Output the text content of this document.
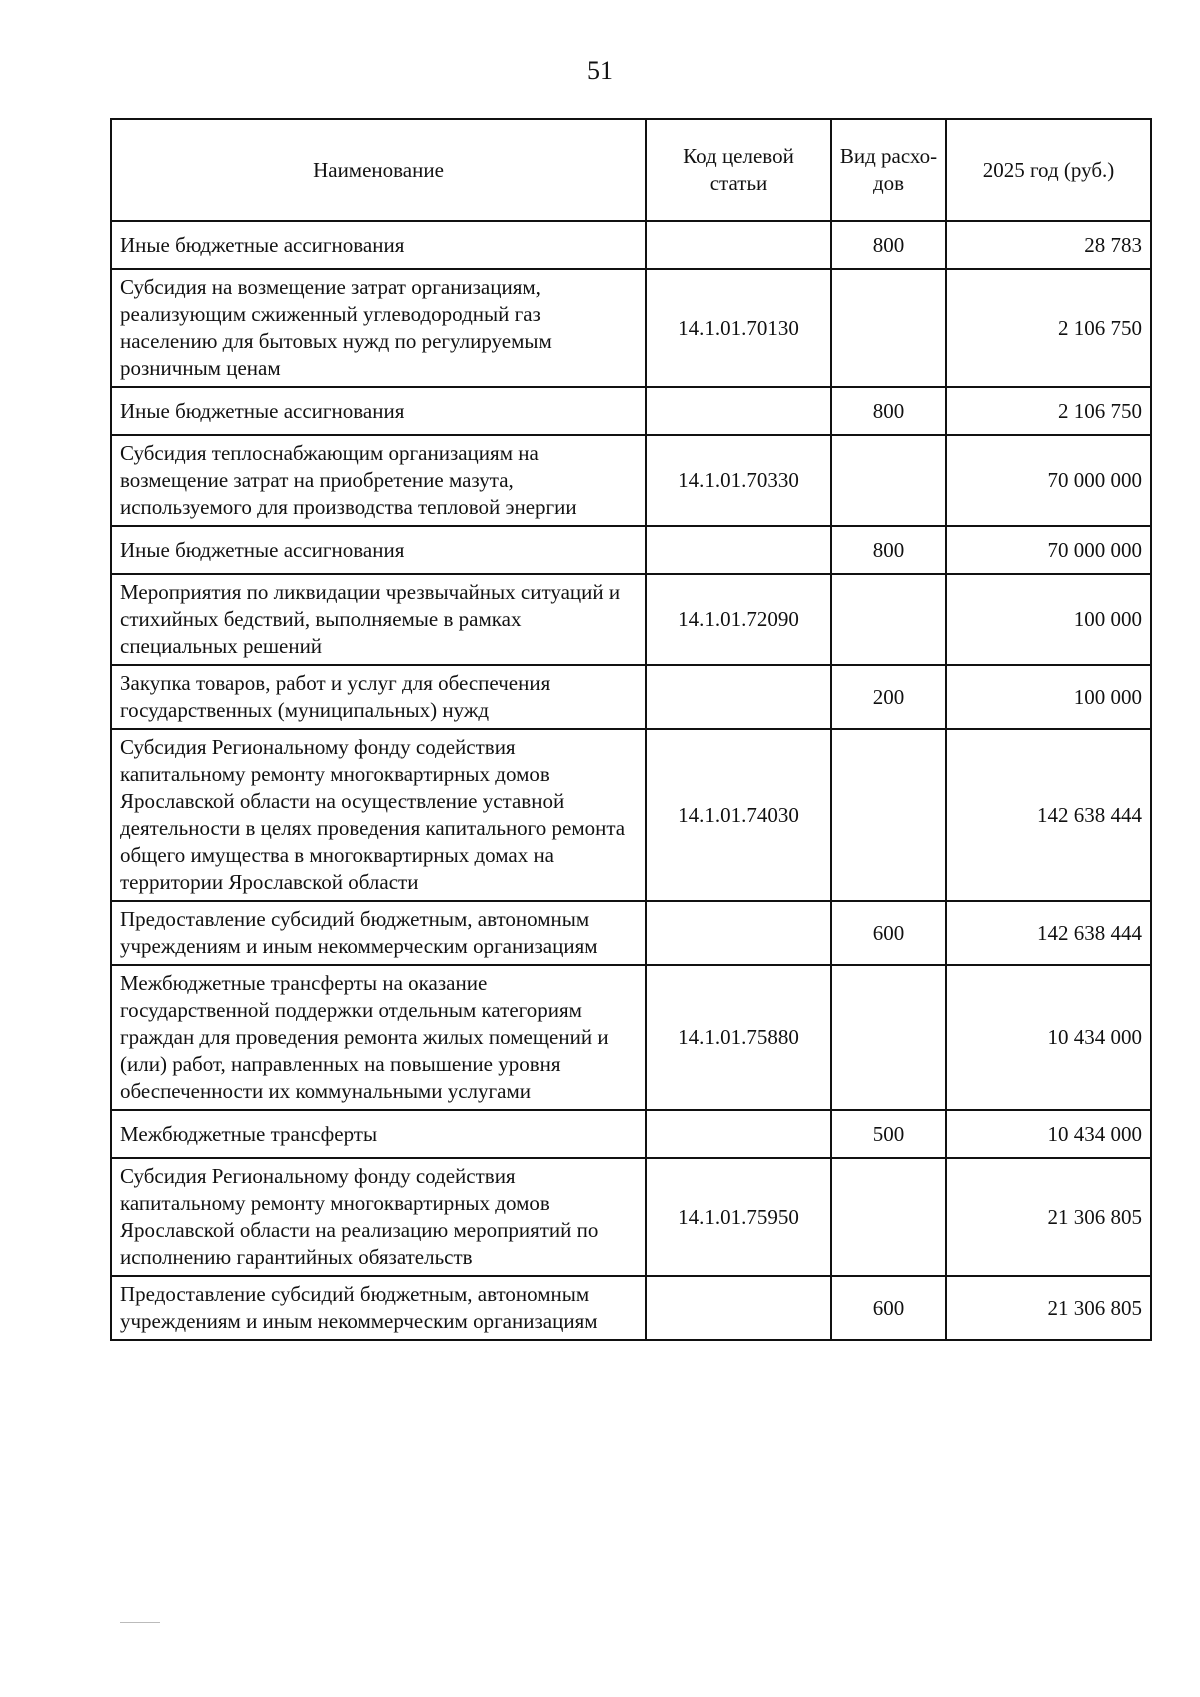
51
Наименование	Код целевой статьи	Вид расхо- дов	2025 год (руб.)
Иные бюджетные ассигнования		800	28 783
Субсидия на возмещение затрат организациям, реализующим сжиженный углеводородный газ населению для бытовых нужд по регулируемым розничным ценам	14.1.01.70130		2 106 750
Иные бюджетные ассигнования		800	2 106 750
Субсидия теплоснабжающим организациям на возмещение затрат на приобретение мазута, используемого для производства тепловой энергии	14.1.01.70330		70 000 000
Иные бюджетные ассигнования		800	70 000 000
Мероприятия по ликвидации чрезвычайных ситуаций и стихийных бедствий, выполняемые в рамках специальных решений	14.1.01.72090		100 000
Закупка товаров, работ и услуг для обеспечения государственных (муниципальных) нужд		200	100 000
Субсидия Региональному фонду содействия капитальному ремонту многоквартирных домов Ярославской области на осуществление уставной деятельности в целях проведения капитального ремонта общего имущества в многоквартирных домах на территории Ярославской области	14.1.01.74030		142 638 444
Предоставление субсидий бюджетным, автономным учреждениям и иным некоммерческим организациям		600	142 638 444
Межбюджетные трансферты на оказание государственной поддержки отдельным категориям граждан для проведения ремонта жилых помещений и (или) работ, направленных на повышение уровня обеспеченности их коммунальными услугами	14.1.01.75880		10 434 000
Межбюджетные трансферты		500	10 434 000
Субсидия Региональному фонду содействия капитальному ремонту многоквартирных домов Ярославской области на реализацию мероприятий по исполнению гарантийных обязательств	14.1.01.75950		21 306 805
Предоставление субсидий бюджетным, автономным учреждениям и иным некоммерческим организациям		600	21 306 805
